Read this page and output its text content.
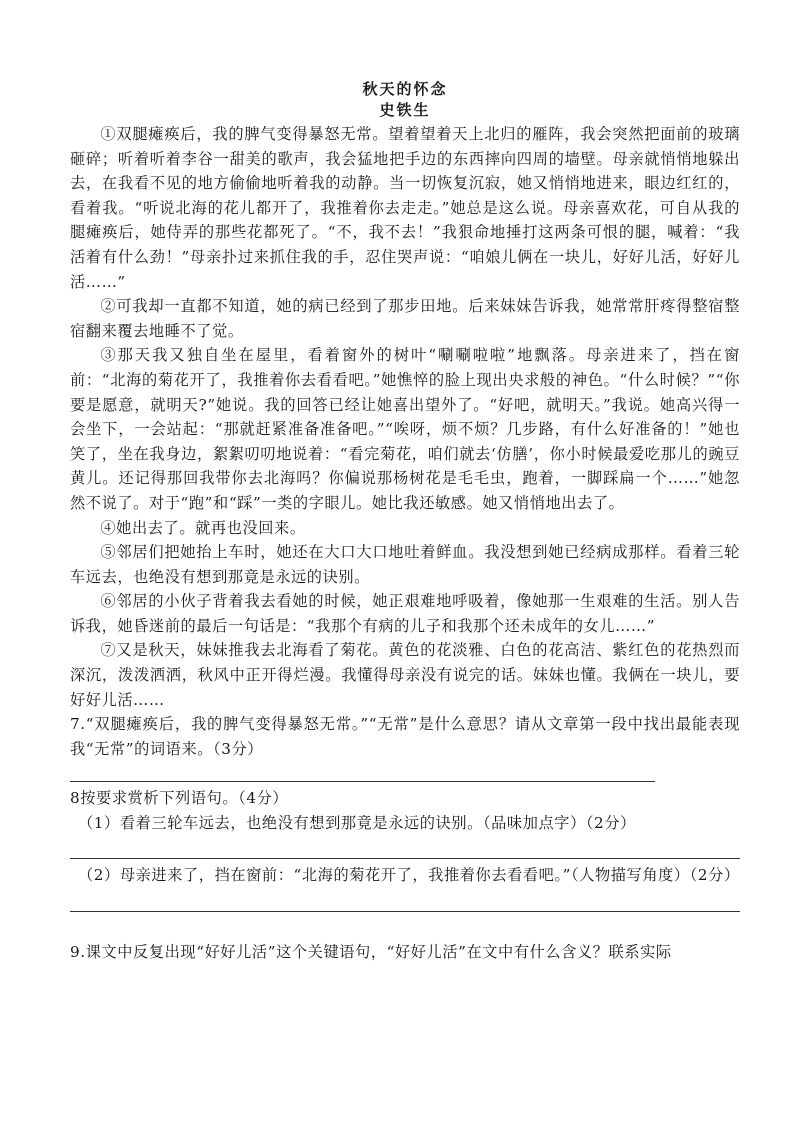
秋天的怀念
史铁生

①双腿瘫痪后，我的脾气变得暴怒无常。望着望着天上北归的雁阵，我会突然把面前的玻璃砸碎；听着听着李谷一甜美的歌声，我会猛地把手边的东西摔向四周的墙壁。母亲就悄悄地躲出去，在我看不见的地方偷偷地听着我的动静。当一切恢复沉寂，她又悄悄地进来，眼边红红的，看着我。“听说北海的花儿都开了，我推着你去走走。”她总是这么说。母亲喜欢花，可自从我的腿瘫痪后，她侍弄的那些花都死了。“不，我不去！”我狠命地捶打这两条可恨的腿，喊着：“我活着有什么劲！”母亲扑过来抓住我的手，忍住哭声说：“咱娘儿俩在一块儿，好好儿活，好好儿活……”

②可我却一直都不知道，她的病已经到了那步田地。后来妹妹告诉我，她常常肝疼得整宿整宿翻来覆去地睡不了觉。

③那天我又独自坐在屋里，看着窗外的树叶“唰唰啦啦”地飘落。母亲进来了，挡在窗前：“北海的菊花开了，我推着你去看看吧。”她憔悴的脸上现出央求般的神色。“什么时候？”“你要是愿意，就明天?”她说。我的回答已经让她喜出望外了。“好吧，就明天。”我说。她高兴得一会坐下，一会站起：“那就赶紧准备准备吧。”“唉呀，烦不烦？几步路，有什么好准备的！”她也笑了，坐在我身边，絮絮叨叨地说着：“看完菊花，咱们就去‘仿膳’，你小时候最爱吃那儿的豌豆黄儿。还记得那回我带你去北海吗？你偏说那杨树花是毛毛虫，跑着，一脚踩扁一个……”她忽然不说了。对于“跑”和“踩”一类的字眼儿。她比我还敏感。她又悄悄地出去了。

④她出去了。就再也没回来。

⑤邻居们把她抬上车时，她还在大口大口地吐着鲜血。我没想到她已经病成那样。看着三轮车远去，也绝没有想到那竟是永远的诀别。

⑥邻居的小伙子背着我去看她的时候，她正艰难地呼吸着，像她那一生艰难的生活。别人告诉我，她昏迷前的最后一句话是：“我那个有病的儿子和我那个还未成年的女儿……”

⑦又是秋天，妹妹推我去北海看了菊花。黄色的花淡雅、白色的花高洁、紫红色的花热烈而深沉，泼泼洒洒，秋风中正开得烂漫。我懂得母亲没有说完的话。妹妹也懂。我俩在一块儿，要好好儿活……

7.“双腿瘫痪后，我的脾气变得暴怒无常。”“无常”是什么意思？请从文章第一段中找出最能表现我“无常”的词语来。（3分）

8按要求赏析下列语句。（4分）

（1）看着三轮车远去，也绝没有想到那竟是永远的诀别。（品味加点字）（2分）

（2）母亲进来了，挡在窗前：“北海的菊花开了，我推着你去看看吧。”（人物描写角度）（2分）

9.课文中反复出现“好好儿活”这个关键语句，“好好儿活”在文中有什么含义？联系实际
